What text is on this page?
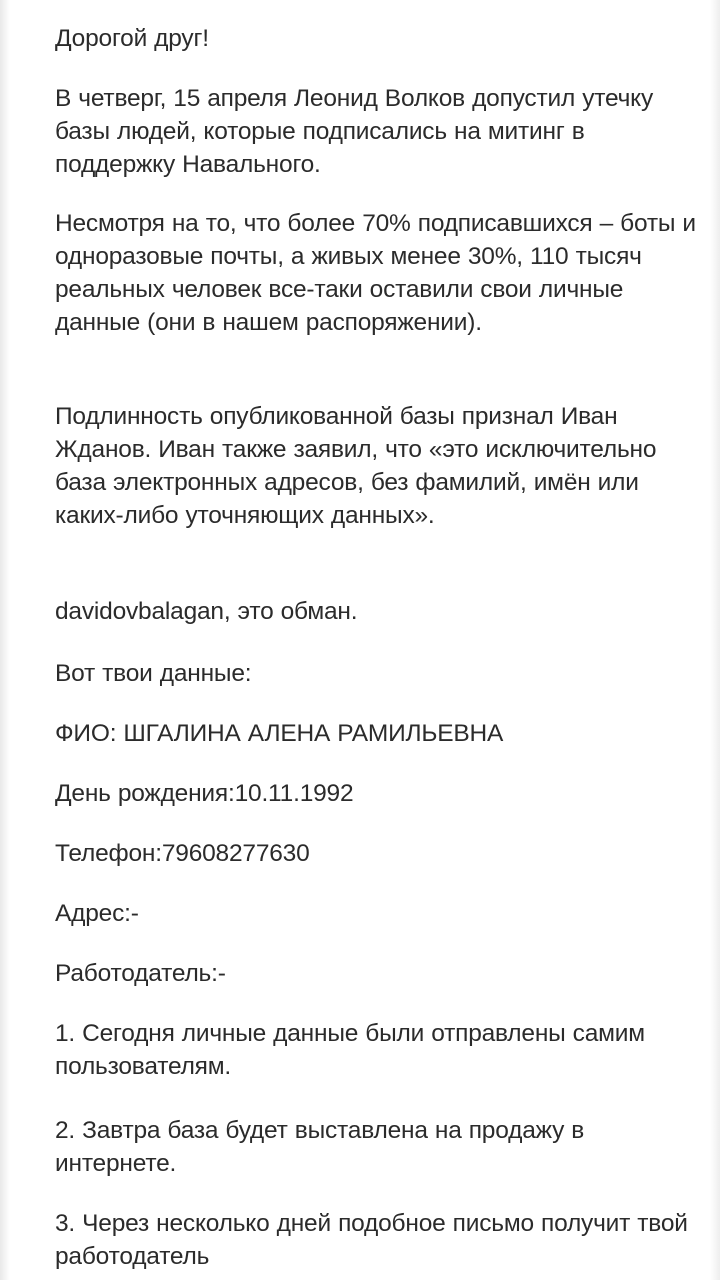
Дорогой друг!

В четверг, 15 апреля Леонид Волков допустил утечку базы людей, которые подписались на митинг в поддержку Навального.

Несмотря на то, что более 70% подписавшихся – боты и одноразовые почты, а живых менее 30%, 110 тысяч реальных человек все-таки оставили свои личные данные (они в нашем распоряжении).

Подлинность опубликованной базы признал Иван Жданов. Иван также заявил, что «это исключительно база электронных адресов, без фамилий, имён или каких-либо уточняющих данных».

davidovbalagan, это обман.

Вот твои данные:

ФИО: ШГАЛИНА АЛЕНА РАМИЛЬЕВНА

День рождения:10.11.1992

Телефон:79608277630

Адрес:-

Работодатель:-

1. Сегодня личные данные были отправлены самим пользователям.

2. Завтра база будет выставлена на продажу в интернете.

3. Через несколько дней подобное письмо получит твой работодатель
